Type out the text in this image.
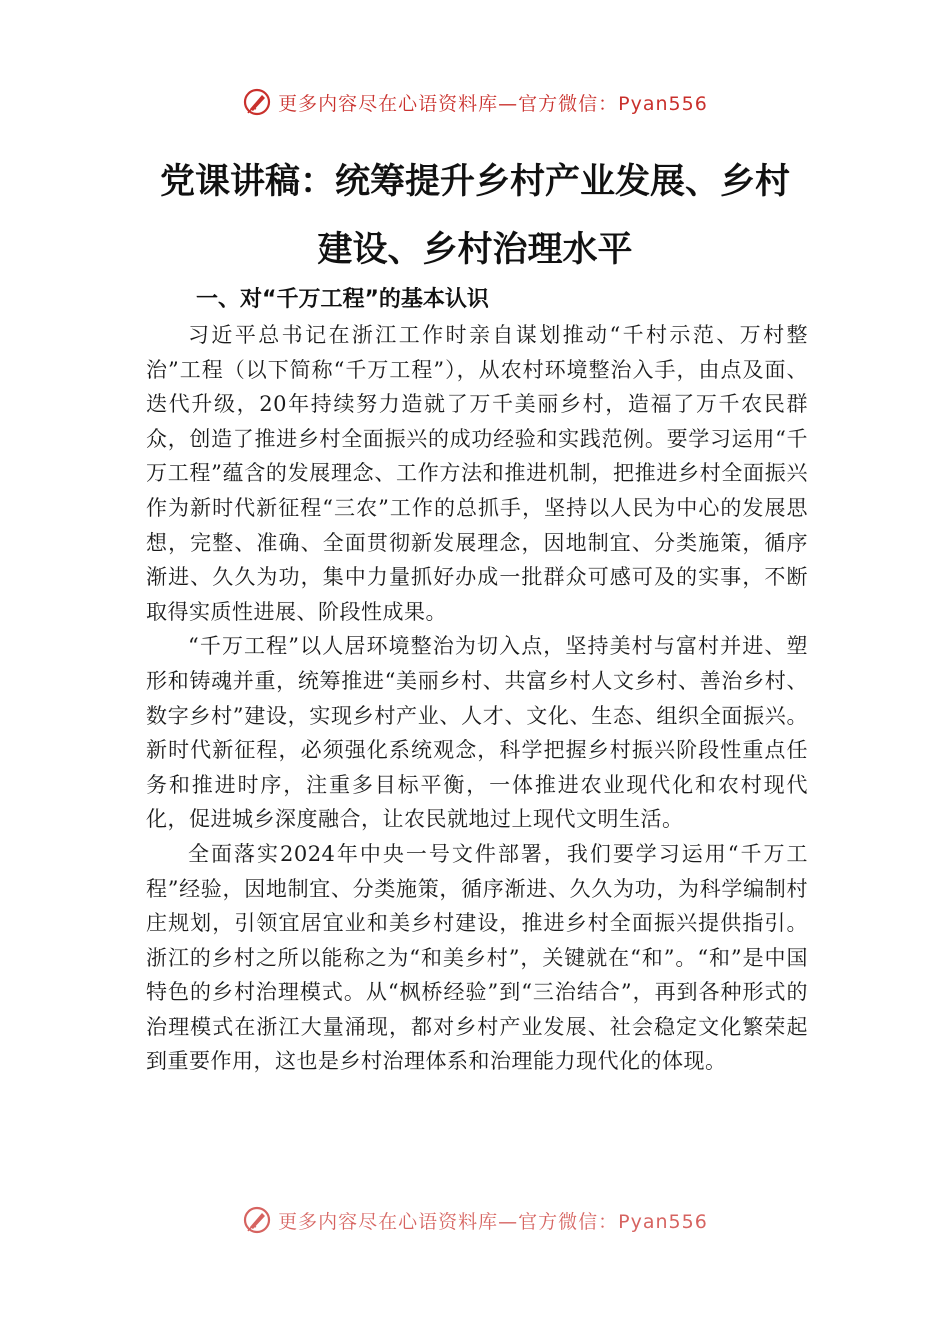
更多内容尽在心语资料库—官方微信：Pyan556
党课讲稿：统筹提升乡村产业发展、乡村
建设、乡村治理水平
一、对“千万工程”的基本认识

习近平总书记在浙江工作时亲自谋划推动“千村示范、万村整治”工程（以下简称“千万工程”），从农村环境整治入手，由点及面、迭代升级，20年持续努力造就了万千美丽乡村，造福了万千农民群众，创造了推进乡村全面振兴的成功经验和实践范例。要学习运用“千万工程”蕴含的发展理念、工作方法和推进机制，把推进乡村全面振兴作为新时代新征程“三农”工作的总抓手，坚持以人民为中心的发展思想，完整、准确、全面贯彻新发展理念，因地制宜、分类施策，循序渐进、久久为功，集中力量抓好办成一批群众可感可及的实事，不断取得实质性进展、阶段性成果。

“千万工程”以人居环境整治为切入点，坚持美村与富村并进、塑形和铸魂并重，统筹推进“美丽乡村、共富乡村人文乡村、善治乡村、数字乡村”建设，实现乡村产业、人才、文化、生态、组织全面振兴。新时代新征程，必须强化系统观念，科学把握乡村振兴阶段性重点任务和推进时序，注重多目标平衡，一体推进农业现代化和农村现代化，促进城乡深度融合，让农民就地过上现代文明生活。

全面落实2024年中央一号文件部署，我们要学习运用“千万工程”经验，因地制宜、分类施策，循序渐进、久久为功，为科学编制村庄规划，引领宜居宜业和美乡村建设，推进乡村全面振兴提供指引。浙江的乡村之所以能称之为“和美乡村”，关键就在“和”。“和”是中国特色的乡村治理模式。从“枫桥经验”到“三治结合”，再到各种形式的治理模式在浙江大量涌现，都对乡村产业发展、社会稳定文化繁荣起到重要作用，这也是乡村治理体系和治理能力现代化的体现。

更多内容尽在心语资料库—官方微信：Pyan556
